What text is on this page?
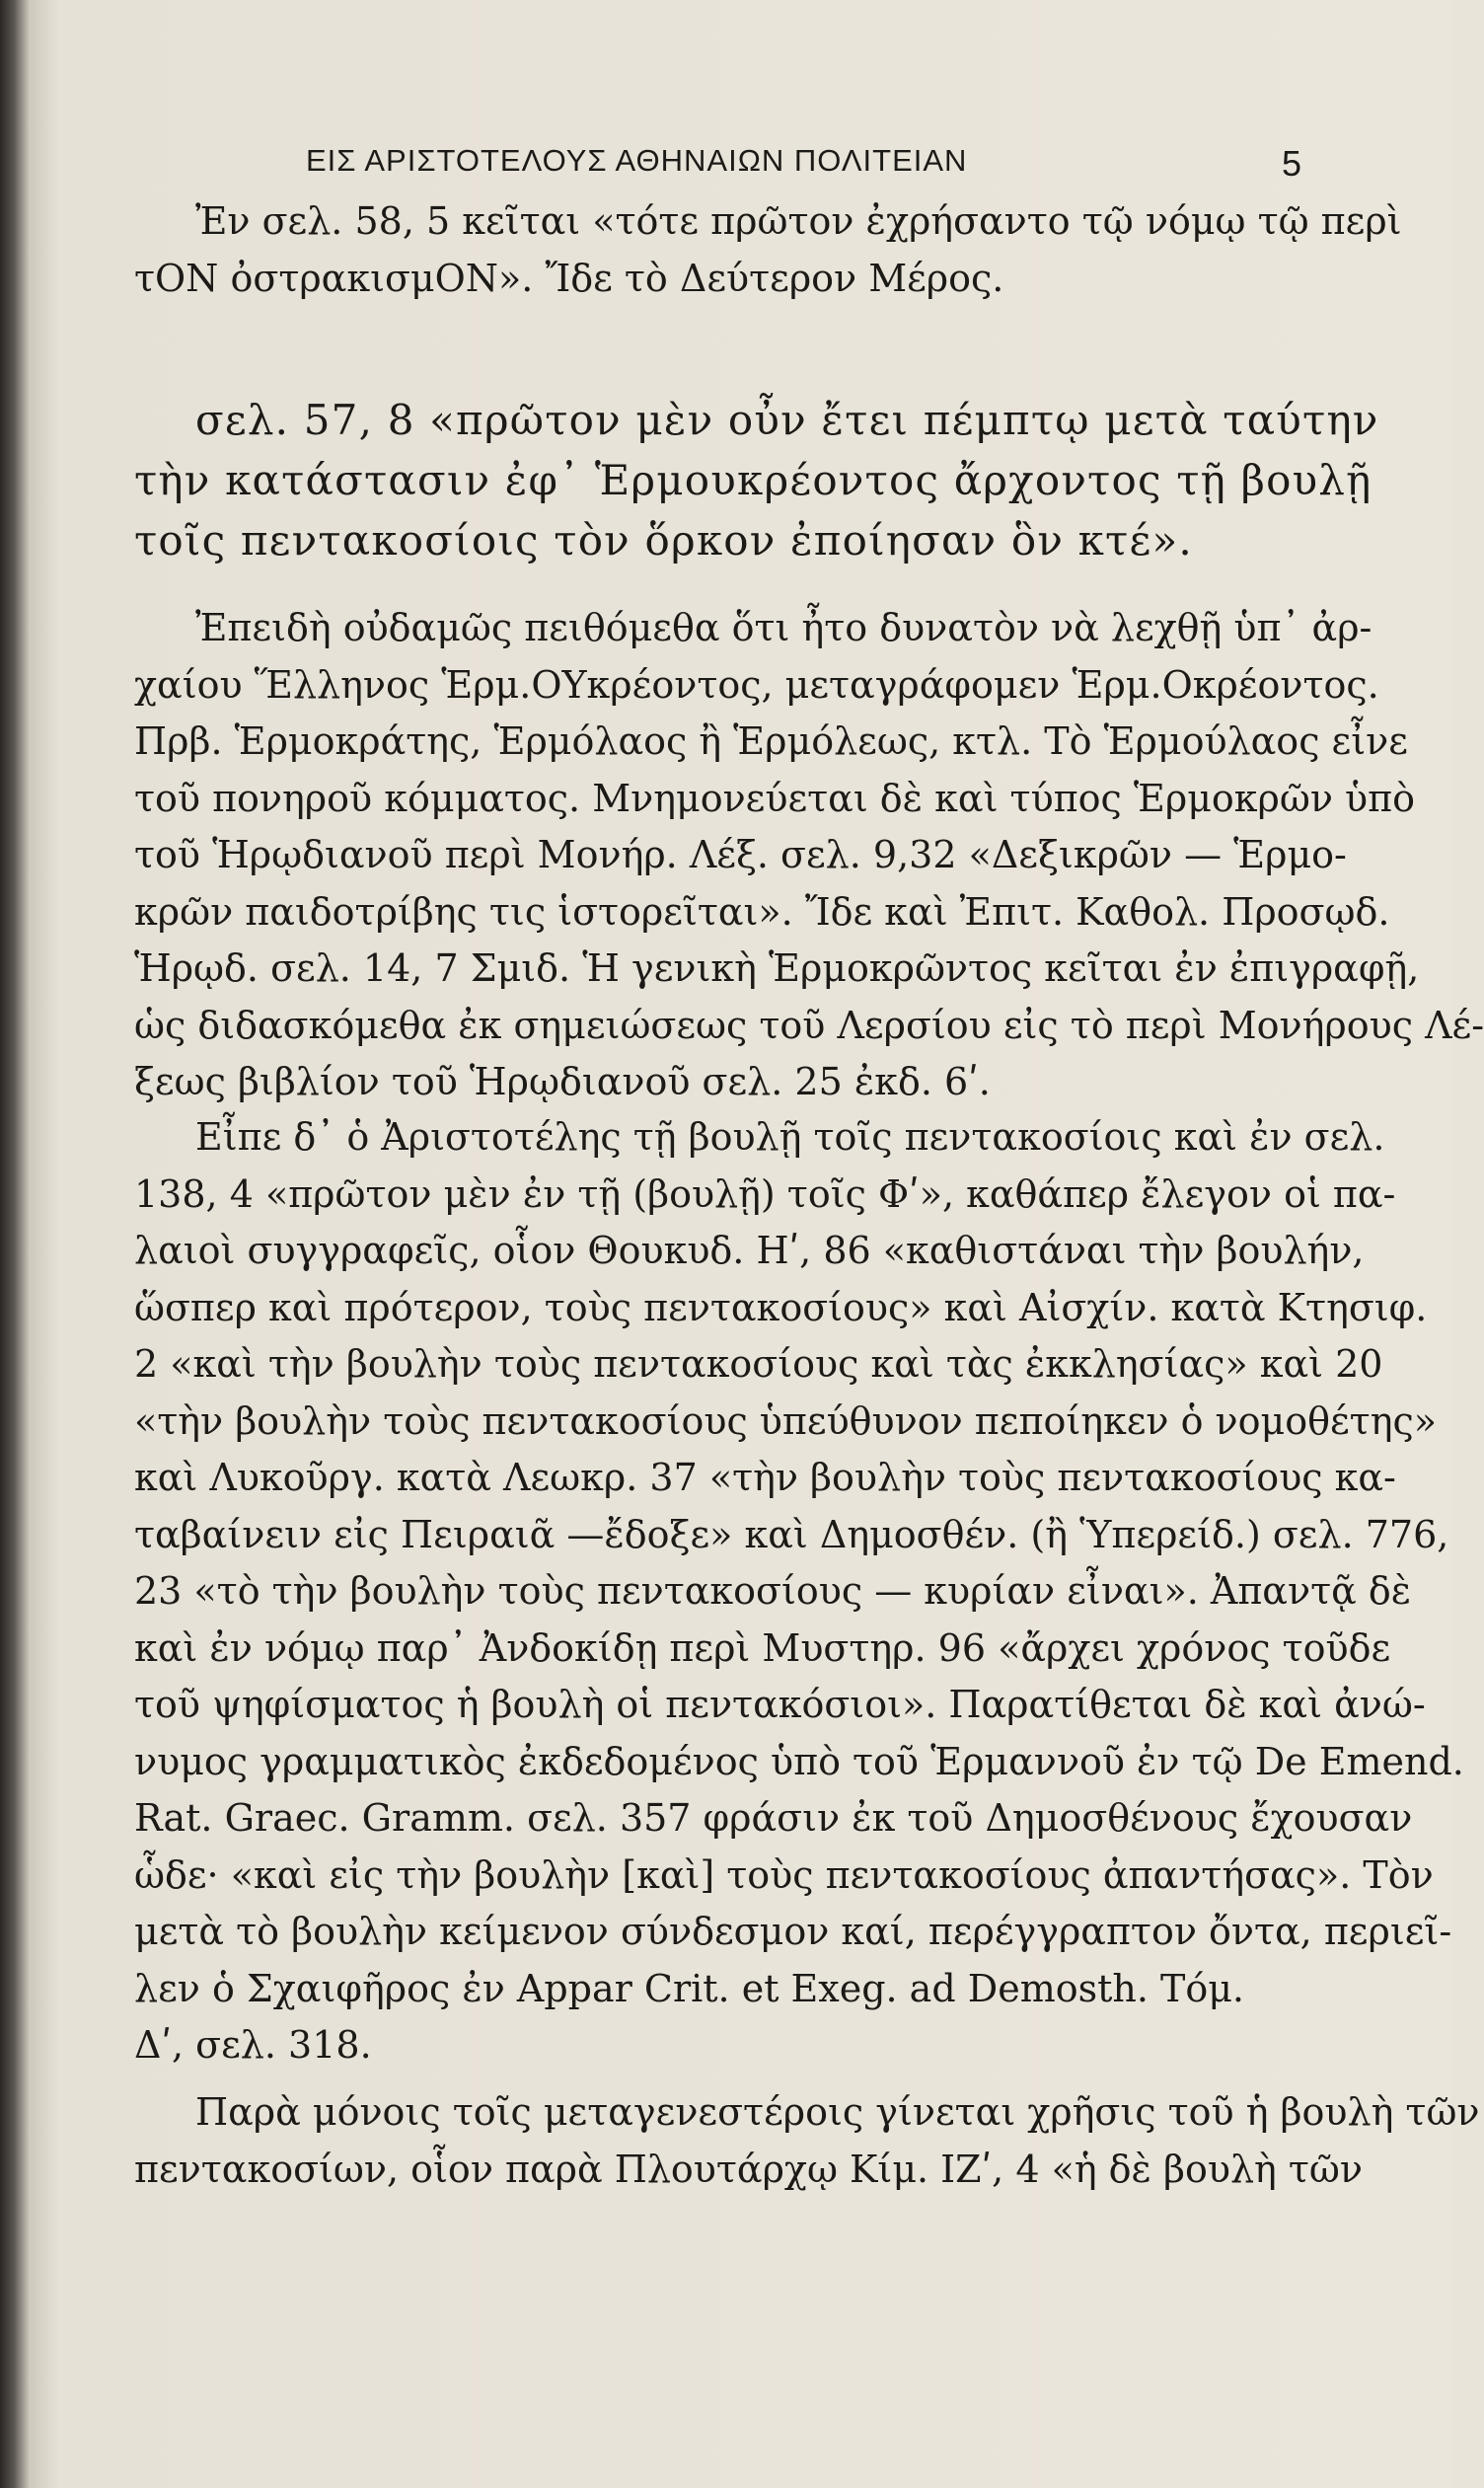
ΕΙΣ ΑΡΙΣΤΟΤΕΛΟΥΣ ΑΘΗΝΑΙΩΝ ΠΟΛΙΤΕΙΑΝ	5
Ἐν σελ. 58, 5 κεῖται «τότε πρῶτον ἐχρήσαντο τῷ νόμῳ τῷ περὶ
τΟΝ ὀστρακισμΟΝ». Ἴδε τὸ Δεύτερον Μέρος.
σελ. 57, 8 «πρῶτον μὲν οὖν ἔτει πέμπτῳ μετὰ ταύτην
τὴν κατάστασιν ἐφ᾽ Ἑρμουκρέοντος ἄρχοντος τῇ βουλῇ
τοῖς πεντακοσίοις τὸν ὅρκον ἐποίησαν ὃν κτέ».
Ἐπειδὴ οὐδαμῶς πειθόμεθα ὅτι ἦτο δυνατὸν νὰ λεχθῇ ὑπ᾽ ἀρ-
χαίου Ἕλληνος Ἑρμ.ΟΥκρέοντος, μεταγράφομεν Ἑρμ.Οκρέοντος.
Πρβ. Ἑρμοκράτης, Ἑρμόλαος ἢ Ἑρμόλεως, κτλ. Τὸ Ἑρμούλαος εἶνε
τοῦ πονηροῦ κόμματος. Μνημονεύεται δὲ καὶ τύπος Ἑρμοκρῶν ὑπὸ
τοῦ Ἡρῳδιανοῦ περὶ Μονήρ. Λέξ. σελ. 9,32 «Δεξικρῶν — Ἑρμο-
κρῶν παιδοτρίβης τις ἱστορεῖται». Ἴδε καὶ Ἐπιτ. Καθολ. Προσῳδ.
Ἡρῳδ. σελ. 14, 7 Σμιδ. Ἡ γενικὴ Ἑρμοκρῶντος κεῖται ἐν ἐπιγραφῇ,
ὡς διδασκόμεθα ἐκ σημειώσεως τοῦ Λερσίου εἰς τὸ περὶ Μονήρους Λέ-
ξεως βιβλίον τοῦ Ἡρῳδιανοῦ σελ. 25 ἐκδ. 6ʹ.
Εἶπε δ᾽ ὁ Ἀριστοτέλης τῇ βουλῇ τοῖς πεντακοσίοις καὶ ἐν σελ.
138, 4 «πρῶτον μὲν ἐν τῇ (βουλῇ) τοῖς Φʹ», καθάπερ ἔλεγον οἱ πα-
λαιοὶ συγγραφεῖς, οἷον Θουκυδ. Ηʹ, 86 «καθιστάναι τὴν βουλήν,
ὥσπερ καὶ πρότερον, τοὺς πεντακοσίους» καὶ Αἰσχίν. κατὰ Κτησιφ.
2 «καὶ τὴν βουλὴν τοὺς πεντακοσίους καὶ τὰς ἐκκλησίας» καὶ 20
«τὴν βουλὴν τοὺς πεντακοσίους ὑπεύθυνον πεποίηκεν ὁ νομοθέτης»
καὶ Λυκοῦργ. κατὰ Λεωκρ. 37 «τὴν βουλὴν τοὺς πεντακοσίους κα-
ταβαίνειν εἰς Πειραιᾶ —ἔδοξε» καὶ Δημοσθέν. (ἢ Ὑπερείδ.) σελ. 776,
23 «τὸ τὴν βουλὴν τοὺς πεντακοσίους — κυρίαν εἶναι». Ἀπαντᾷ δὲ
καὶ ἐν νόμῳ παρ᾽ Ἀνδοκίδῃ περὶ Μυστηρ. 96 «ἄρχει χρόνος τοῦδε
τοῦ ψηφίσματος ἡ βουλὴ οἱ πεντακόσιοι». Παρατίθεται δὲ καὶ ἀνώ-
νυμος γραμματικὸς ἐκδεδομένος ὑπὸ τοῦ Ἑρμαννοῦ ἐν τῷ De Emend.
Rat. Graec. Gramm. σελ. 357 φράσιν ἐκ τοῦ Δημοσθένους ἔχουσαν
ὧδε· «καὶ εἰς τὴν βουλὴν [καὶ] τοὺς πεντακοσίους ἀπαντήσας». Τὸν
μετὰ τὸ βουλὴν κείμενον σύνδεσμον καί, περέγγραπτον ὄντα, περιεῖ-
λεν ὁ Σχαιφῆρος ἐν Appar Crit. et Exeg. ad Demosth. Τόμ.
Δʹ, σελ. 318.
Παρὰ μόνοις τοῖς μεταγενεστέροις γίνεται χρῆσις τοῦ ἡ βουλὴ τῶν
πεντακοσίων, οἷον παρὰ Πλουτάρχῳ Κίμ. ΙΖʹ, 4 «ἡ δὲ βουλὴ τῶν
